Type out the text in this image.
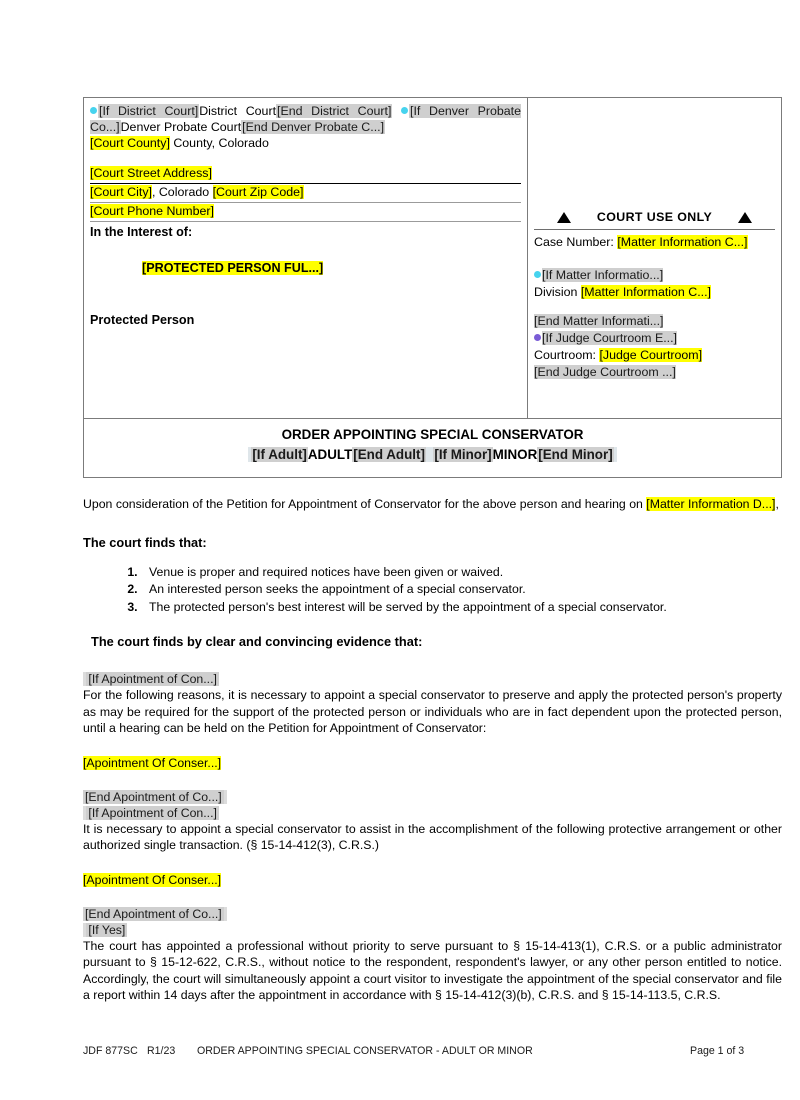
[If District Court]District Court[End District Court] [If Denver Probate Co...]Denver Probate Court[End Denver Probate C...]
[Court County] County, Colorado
[Court Street Address]
[Court City], Colorado [Court Zip Code]
[Court Phone Number]
In the Interest of:
[PROTECTED PERSON FUL...]
Protected Person
COURT USE ONLY
Case Number: [Matter Information C...]
[If Matter Informatio...]
Division [Matter Information C...]
[End Matter Informati...]
[If Judge Courtroom E...]
Courtroom: [Judge Courtroom]
[End Judge Courtroom ...]
ORDER APPOINTING SPECIAL CONSERVATOR
[If Adult]ADULT[End Adult] [If Minor]MINOR[End Minor]

Upon consideration of the Petition for Appointment of Conservator for the above person and hearing on [Matter Information D...],

The court finds that:

1. Venue is proper and required notices have been given or waived.
2. An interested person seeks the appointment of a special conservator.
3. The protected person's best interest will be served by the appointment of a special conservator.

The court finds by clear and convincing evidence that:

[If Apointment of Con...]

For the following reasons, it is necessary to appoint a special conservator to preserve and apply the protected person's property as may be required for the support of the protected person or individuals who are in fact dependent upon the protected person, until a hearing can be held on the Petition for Appointment of Conservator:

[Apointment Of Conser...]
[End Apointment of Co...]
[If Apointment of Con...]

It is necessary to appoint a special conservator to assist in the accomplishment of the following protective arrangement or other authorized single transaction. (§ 15-14-412(3), C.R.S.)

[Apointment Of Conser...]
[End Apointment of Co...]
[If Yes]

The court has appointed a professional without priority to serve pursuant to § 15-14-413(1), C.R.S. or a public administrator pursuant to § 15-12-622, C.R.S., without notice to the respondent, respondent's lawyer, or any other person entitled to notice. Accordingly, the court will simultaneously appoint a court visitor to investigate the appointment of the special conservator and file a report within 14 days after the appointment in accordance with § 15-14-412(3)(b), C.R.S. and § 15-14-113.5, C.R.S.

JDF 877SC R1/23	ORDER APPOINTING SPECIAL CONSERVATOR - ADULT OR MINOR	Page 1 of 3
